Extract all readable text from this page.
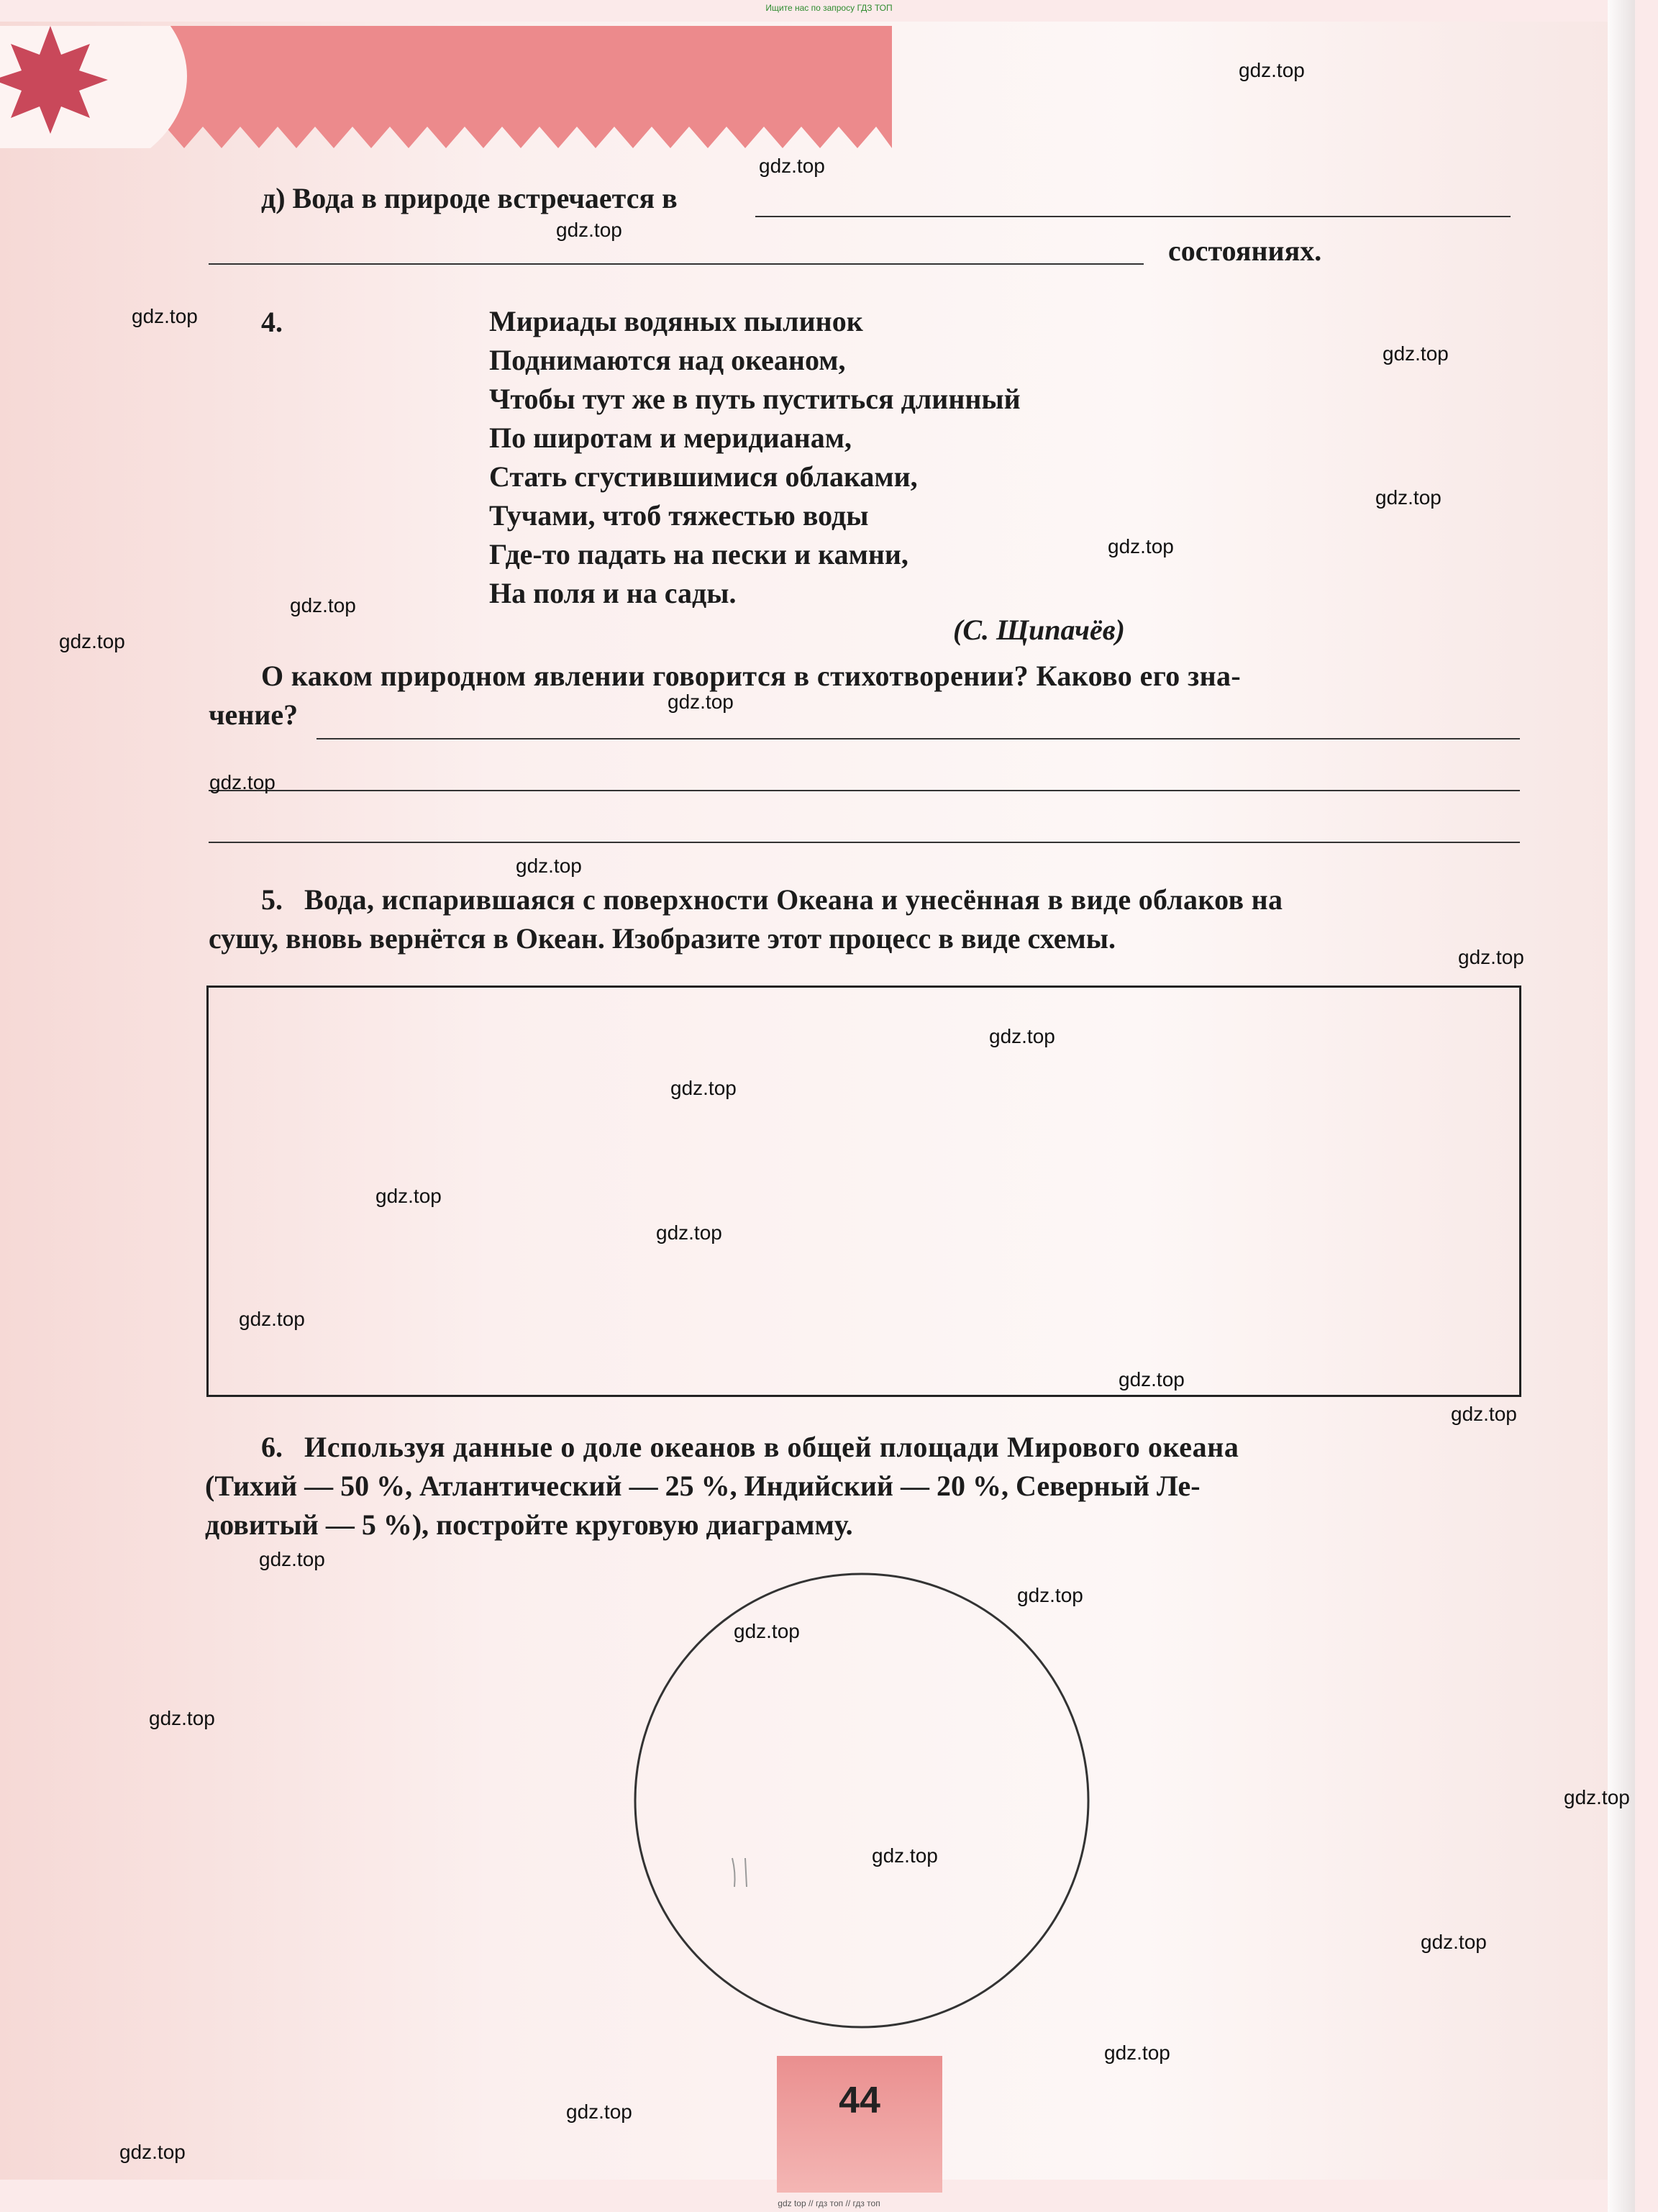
Ищите нас по запросу ГДЗ ТОП
д) Вода в природе встречается в
состояниях.
4.	Мириады водяных пылинок
Поднимаются над океаном,
Чтобы тут же в путь пуститься длинный
По широтам и меридианам,
Стать сгустившимися облаками,
Тучами, чтоб тяжестью воды
Где-то падать на пески и камни,
На поля и на сады.
(С. Щипачёв)
О каком природном явлении говорится в стихотворении? Каково его зна-
чение?
5. Вода, испарившаяся с поверхности Океана и унесённая в виде облаков на
сушу, вновь вернётся в Океан. Изобразите этот процесс в виде схемы.
6. Используя данные о доле океанов в общей площади Мирового океана
(Тихий — 50 %, Атлантический — 25 %, Индийский — 20 %, Северный Ле-
довитый — 5 %), постройте круговую диаграмму.
gdz.top
gdz.top
gdz.top
gdz.top
gdz.top
gdz.top
gdz.top
gdz.top
gdz.top
gdz.top
gdz.top
gdz.top
gdz.top
gdz.top
gdz.top
gdz.top
gdz.top
gdz.top
gdz.top
gdz.top
gdz.top
gdz.top
gdz.top
gdz.top
gdz.top
gdz.top
gdz.top
gdz.top
gdz.top
gdz.top
44
gdz top // гдз топ // гдз топ
